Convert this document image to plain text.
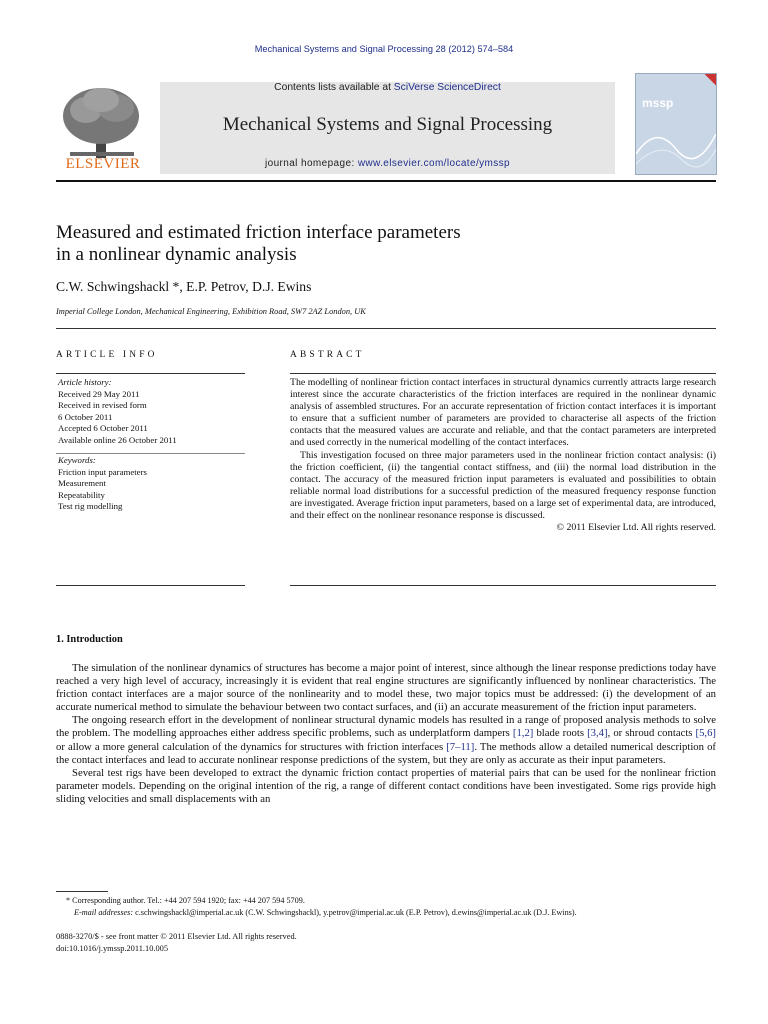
Mechanical Systems and Signal Processing 28 (2012) 574–584
ELSEVIER
Contents lists available at SciVerse ScienceDirect
Mechanical Systems and Signal Processing
journal homepage: www.elsevier.com/locate/ymssp
mssp
Measured and estimated friction interface parameters
in a nonlinear dynamic analysis
C.W. Schwingshackl *, E.P. Petrov, D.J. Ewins
Imperial College London, Mechanical Engineering, Exhibition Road, SW7 2AZ London, UK
ARTICLE INFO	ABSTRACT
Article history:
Received 29 May 2011
Received in revised form
6 October 2011
Accepted 6 October 2011
Available online 26 October 2011
Keywords:
Friction input parameters
Measurement
Repeatability
Test rig modelling

The modelling of nonlinear friction contact interfaces in structural dynamics currently attracts large research interest since the accurate characteristics of the friction interfaces are required in the nonlinear dynamic analysis of assembled structures. For an accurate representation of friction contact interfaces it is important to ensure that a sufficient number of parameters are provided to characterise all aspects of the friction contacts that the measured values are accurate and reliable, and that the contact parameters are interpreted and used correctly in the numerical modelling of the contact interfaces.

This investigation focused on three major parameters used in the nonlinear friction contact analysis: (i) the friction coefficient, (ii) the tangential contact stiffness, and (iii) the normal load distribution in the contact. The accuracy of the measured friction input parameters is evaluated and possibilities to obtain reliable normal load distributions for a successful prediction of the measured frequency response function are investigated. Average friction input parameters, based on a large set of experimental data, are introduced, and their effect on the nonlinear resonance response is discussed.

© 2011 Elsevier Ltd. All rights reserved.

1. Introduction

The simulation of the nonlinear dynamics of structures has become a major point of interest, since although the linear response predictions today have reached a very high level of accuracy, increasingly it is evident that real engine structures are significantly influenced by nonlinear characteristics. The friction contact interfaces are a major source of the nonlinearity and to model these, two major topics must be addressed: (i) the development of an accurate numerical method to simulate the behaviour between two contact surfaces, and (ii) an accurate measurement of the friction input parameters.

The ongoing research effort in the development of nonlinear structural dynamic models has resulted in a range of proposed analysis methods to solve the problem. The modelling approaches either address specific problems, such as underplatform dampers [1,2] blade roots [3,4], or shroud contacts [5,6] or allow a more general calculation of the dynamics for structures with friction interfaces [7–11]. The methods allow a detailed numerical description of the contact interfaces and lead to accurate nonlinear response predictions of the system, but they are only as accurate as their input parameters.

Several test rigs have been developed to extract the dynamic friction contact properties of material pairs that can be used for the nonlinear friction parameter models. Depending on the original intention of the rig, a range of different contact conditions have been investigated. Some rigs provide high sliding velocities and small displacements with an

* Corresponding author. Tel.: +44 207 594 1920; fax: +44 207 594 5709.
E-mail addresses: c.schwingshackl@imperial.ac.uk (C.W. Schwingshackl), y.petrov@imperial.ac.uk (E.P. Petrov), d.ewins@imperial.ac.uk (D.J. Ewins).
0888-3270/$ - see front matter © 2011 Elsevier Ltd. All rights reserved.
doi:10.1016/j.ymssp.2011.10.005
